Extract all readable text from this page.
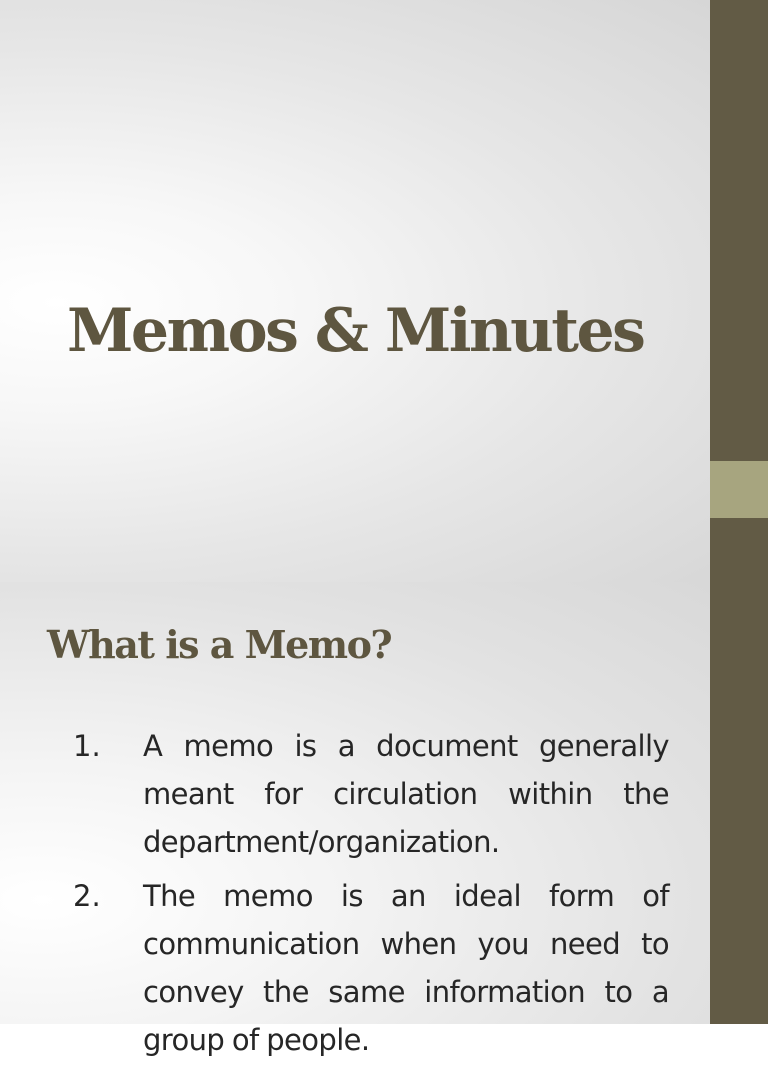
Memos & Minutes
What is a Memo?
1. A memo is a document generally meant for circulation within the department/organization.
2. The memo is an ideal form of communication when you need to convey the same information to a group of people.
